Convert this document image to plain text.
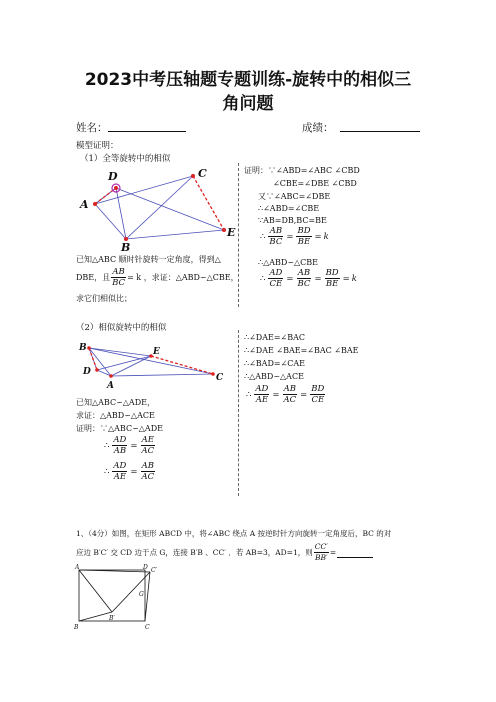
2023中考压轴题专题训练-旋转中的相似三
角问题
姓名：	成绩：
模型证明：
（1）全等旋转中的相似
A
D
B
C
E
已知△ABC 顺时针旋转一定角度，得到△
DBE，且 $\frac{AB}{BC} = k$ ，求证：△ABD∽△CBE，
求它们相似比；
证明：∵∠ABD=∠ABC ∠CBD
∠CBE=∠DBE ∠CBD
又∵∠ABC=∠DBE
∴∠ABD=∠CBE
∵AB=DB,BC=BE
∴ $\frac{AB}{BC} = \frac{BD}{BE} = k$
∴△ABD∽△CBE
∴ $\frac{AD}{CE} = \frac{AB}{BC} = \frac{BD}{BE} = k$
（2）相似旋转中的相似
B
D
A
E
C
已知△ABC∽△ADE，
求证：△ABD∽△ACE
证明：∵△ABC∽△ADE
∴ $\frac{AD}{AB} = \frac{AE}{AC}$
∴ $\frac{AD}{AE} = \frac{AB}{AC}$
∴∠DAE=∠BAC
∴∠DAE ∠BAE=∠BAC ∠BAE
∴∠BAD=∠CAE
∴△ABD∽△ACE
∴ $\frac{AD}{AE} = \frac{AB}{AC} = \frac{BD}{CE}$
1、（4分）如图，在矩形 ABCD 中，将∠ABC 绕点 A 按逆时针方向旋转一定角度后，BC 的对
应边 B′C′ 交 CD 边于点 G，连接 B′B 、CC′ ．若 AB=3，AD=1，则 $\frac{CC'}{BB'}$ =
A	D C′
G
B′
B	C
